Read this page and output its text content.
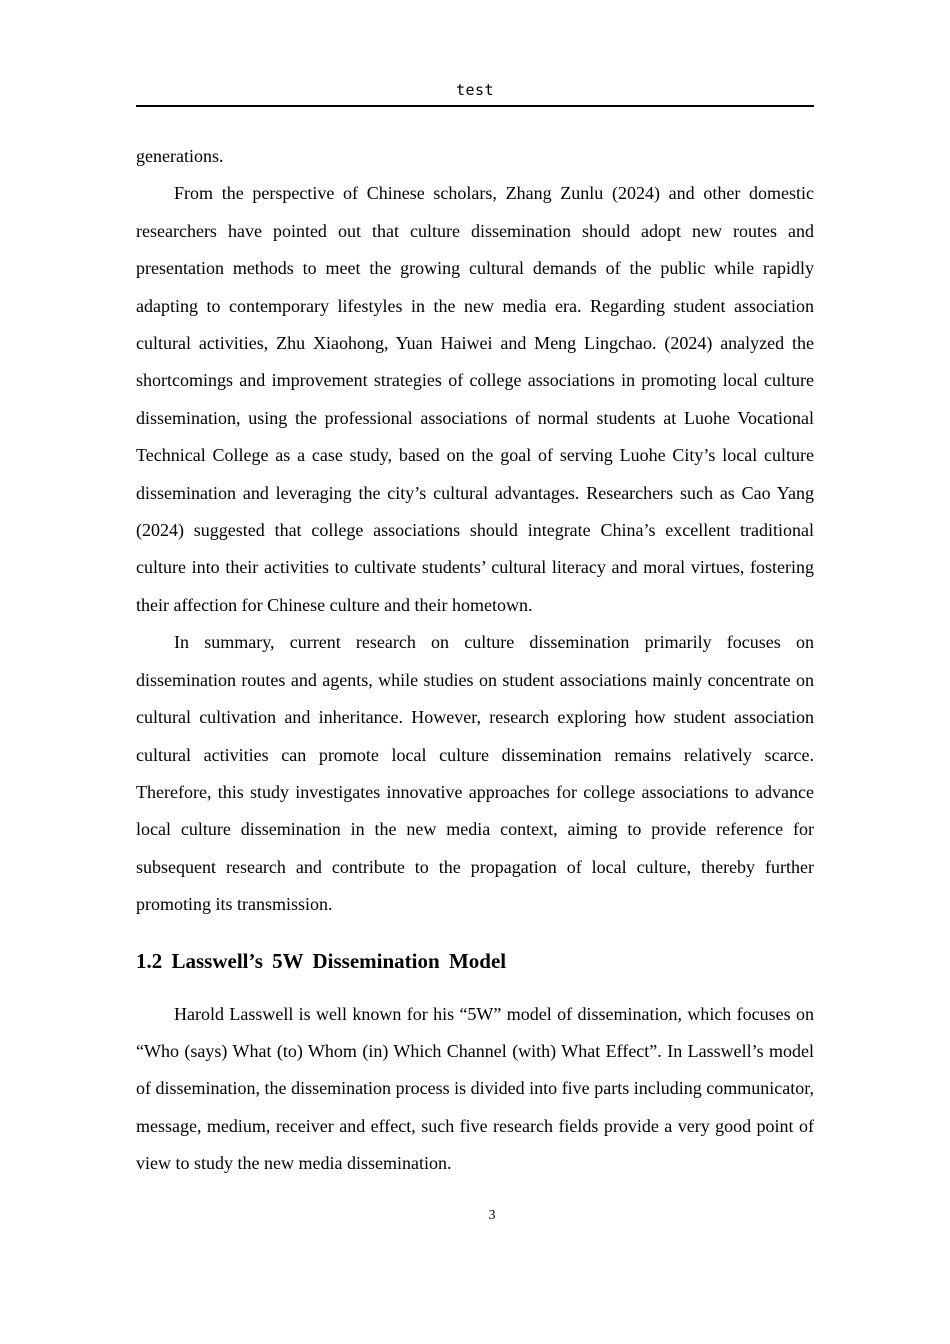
test

generations.

From the perspective of Chinese scholars, Zhang Zunlu (2024) and other domestic researchers have pointed out that culture dissemination should adopt new routes and presentation methods to meet the growing cultural demands of the public while rapidly adapting to contemporary lifestyles in the new media era. Regarding student association cultural activities, Zhu Xiaohong, Yuan Haiwei and Meng Lingchao. (2024) analyzed the shortcomings and improvement strategies of college associations in promoting local culture dissemination, using the professional associations of normal students at Luohe Vocational Technical College as a case study, based on the goal of serving Luohe City’s local culture dissemination and leveraging the city’s cultural advantages. Researchers such as Cao Yang (2024) suggested that college associations should integrate China’s excellent traditional culture into their activities to cultivate students’ cultural literacy and moral virtues, fostering their affection for Chinese culture and their hometown.

In summary, current research on culture dissemination primarily focuses on dissemination routes and agents, while studies on student associations mainly concentrate on cultural cultivation and inheritance. However, research exploring how student association cultural activities can promote local culture dissemination remains relatively scarce. Therefore, this study investigates innovative approaches for college associations to advance local culture dissemination in the new media context, aiming to provide reference for subsequent research and contribute to the propagation of local culture, thereby further promoting its transmission.

1.2 Lasswell’s 5W Dissemination Model

Harold Lasswell is well known for his “5W” model of dissemination, which focuses on “Who (says) What (to) Whom (in) Which Channel (with) What Effect”. In Lasswell’s model of dissemination, the dissemination process is divided into five parts including communicator, message, medium, receiver and effect, such five research fields provide a very good point of view to study the new media dissemination.

3
